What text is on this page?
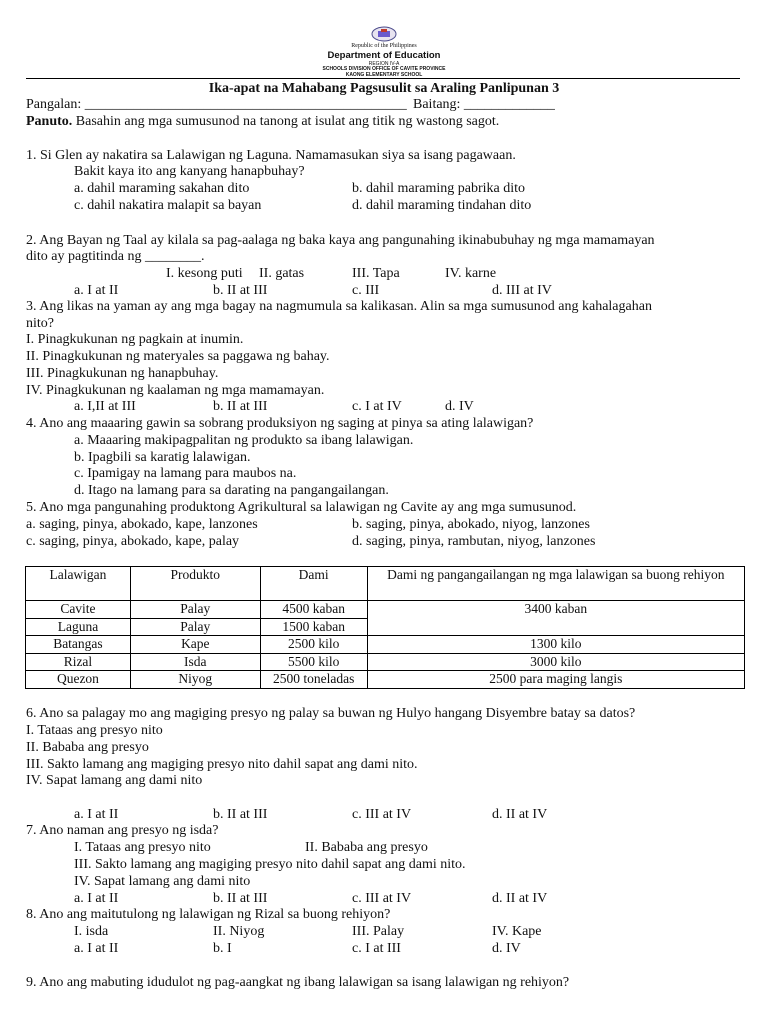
Republic of the Philippines
Department of Education
REGION IV-A
SCHOOLS DIVISION OFFICE OF CAVITE PROVINCE
KAONG ELEMENTARY SCHOOL
Ika-apat na Mahabang Pagsusulit sa Araling Panlipunan 3
Pangalan: ______________________________________________ Baitang: _____________
Panuto. Basahin ang mga sumusunod na tanong at isulat ang titik ng wastong sagot.
1. Si Glen ay nakatira sa Lalawigan ng Laguna. Namamasukan siya sa isang pagawaan.
Bakit kaya ito ang kanyang hanapbuhay?
a. dahil maraming sakahan dito	b. dahil maraming pabrika dito
c. dahil nakatira malapit sa bayan	d. dahil maraming tindahan dito
2. Ang Bayan ng Taal ay kilala sa pag-aalaga ng baka kaya ang pangunahing ikinabubuhay ng mga mamamayan
dito ay pagtitinda ng ________.
I. kesong puti II. gatas	III. Tapa	IV. karne
a. I at II	b. II at III	c. III	d. III at IV
3. Ang likas na yaman ay ang mga bagay na nagmumula sa kalikasan. Alin sa mga sumusunod ang kahalagahan
nito?
I. Pinagkukunan ng pagkain at inumin.
II. Pinagkukunan ng materyales sa paggawa ng bahay.
III. Pinagkukunan ng hanapbuhay.
IV. Pinagkukunan ng kaalaman ng mga mamamayan.
a. I,II at III	b. II at III	c. I at IV	d. IV
4. Ano ang maaaring gawin sa sobrang produksiyon ng saging at pinya sa ating lalawigan?
a. Maaaring makipagpalitan ng produkto sa ibang lalawigan.
b. Ipagbili sa karatig lalawigan.
c. Ipamigay na lamang para maubos na.
d. Itago na lamang para sa darating na pangangailangan.
5. Ano mga pangunahing produktong Agrikultural sa lalawigan ng Cavite ay ang mga sumusunod.
a. saging, pinya, abokado, kape, lanzones	b. saging, pinya, abokado, niyog, lanzones
c. saging, pinya, abokado, kape, palay	d. saging, pinya, rambutan, niyog, lanzones
Lalawigan	Produkto	Dami	Dami ng pangangailangan ng mga lalawigan sa buong rehiyon
Cavite	Palay	4500 kaban	3400 kaban
Laguna	Palay	1500 kaban	
Batangas	Kape	2500 kilo	1300 kilo
Rizal	Isda	5500 kilo	3000 kilo
Quezon	Niyog	2500 toneladas	2500 para maging langis
6. Ano sa palagay mo ang magiging presyo ng palay sa buwan ng Hulyo hangang Disyembre batay sa datos?
I. Tataas ang presyo nito
II. Bababa ang presyo
III. Sakto lamang ang magiging presyo nito dahil sapat ang dami nito.
IV. Sapat lamang ang dami nito
a. I at II	b. II at III	c. III at IV	d. II at IV
7. Ano naman ang presyo ng isda?
I. Tataas ang presyo nito	II. Bababa ang presyo
III. Sakto lamang ang magiging presyo nito dahil sapat ang dami nito.
IV. Sapat lamang ang dami nito
a. I at II	b. II at III	c. III at IV	d. II at IV
8. Ano ang maitutulong ng lalawigan ng Rizal sa buong rehiyon?
I. isda	II. Niyog	III. Palay	IV. Kape
a. I at II	b. I	c. I at III	d. IV
9. Ano ang mabuting idudulot ng pag-aangkat ng ibang lalawigan sa isang lalawigan ng rehiyon?
